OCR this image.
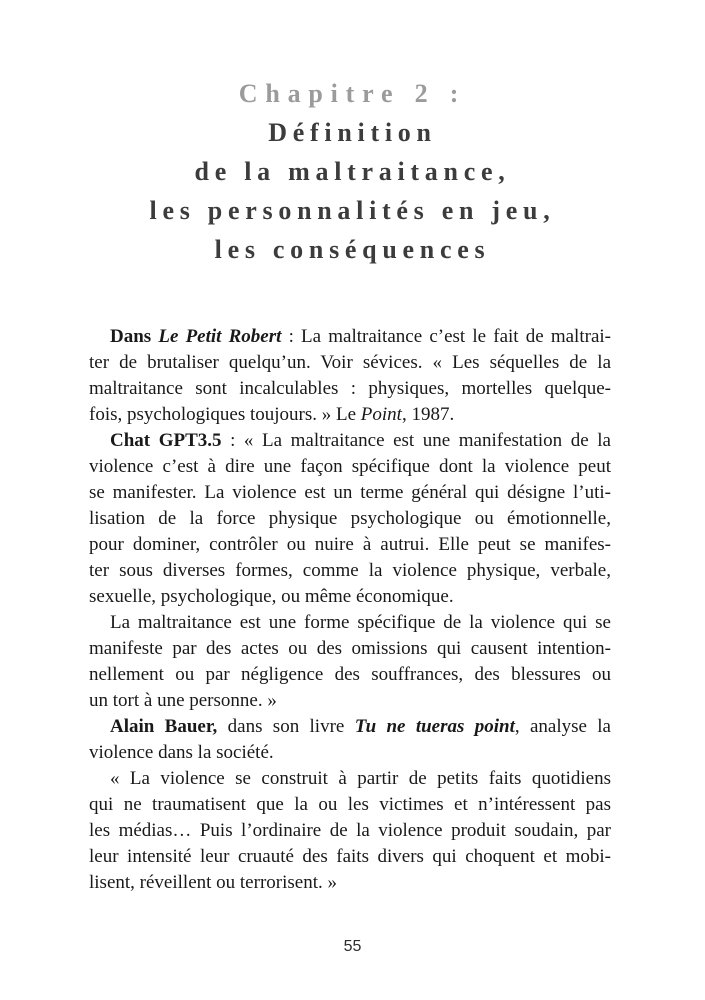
Chapitre 2 :
Définition
de la maltraitance,
les personnalités en jeu,
les conséquences
Dans Le Petit Robert : La maltraitance c’est le fait de maltrai-
ter de brutaliser quelqu’un. Voir sévices. « Les séquelles de la
maltraitance sont incalculables : physiques, mortelles quelque-
fois, psychologiques toujours. » Le Point, 1987.
Chat GPT3.5 : « La maltraitance est une manifestation de la
violence c’est à dire une façon spécifique dont la violence peut
se manifester. La violence est un terme général qui désigne l’uti-
lisation de la force physique psychologique ou émotionnelle,
pour dominer, contrôler ou nuire à autrui. Elle peut se manifes-
ter sous diverses formes, comme la violence physique, verbale,
sexuelle, psychologique, ou même économique.
La maltraitance est une forme spécifique de la violence qui se
manifeste par des actes ou des omissions qui causent intention-
nellement ou par négligence des souffrances, des blessures ou
un tort à une personne. »
Alain Bauer, dans son livre Tu ne tueras point, analyse la
violence dans la société.
« La violence se construit à partir de petits faits quotidiens
qui ne traumatisent que la ou les victimes et n’intéressent pas
les médias… Puis l’ordinaire de la violence produit soudain, par
leur intensité leur cruauté des faits divers qui choquent et mobi-
lisent, réveillent ou terrorisent. »
55
